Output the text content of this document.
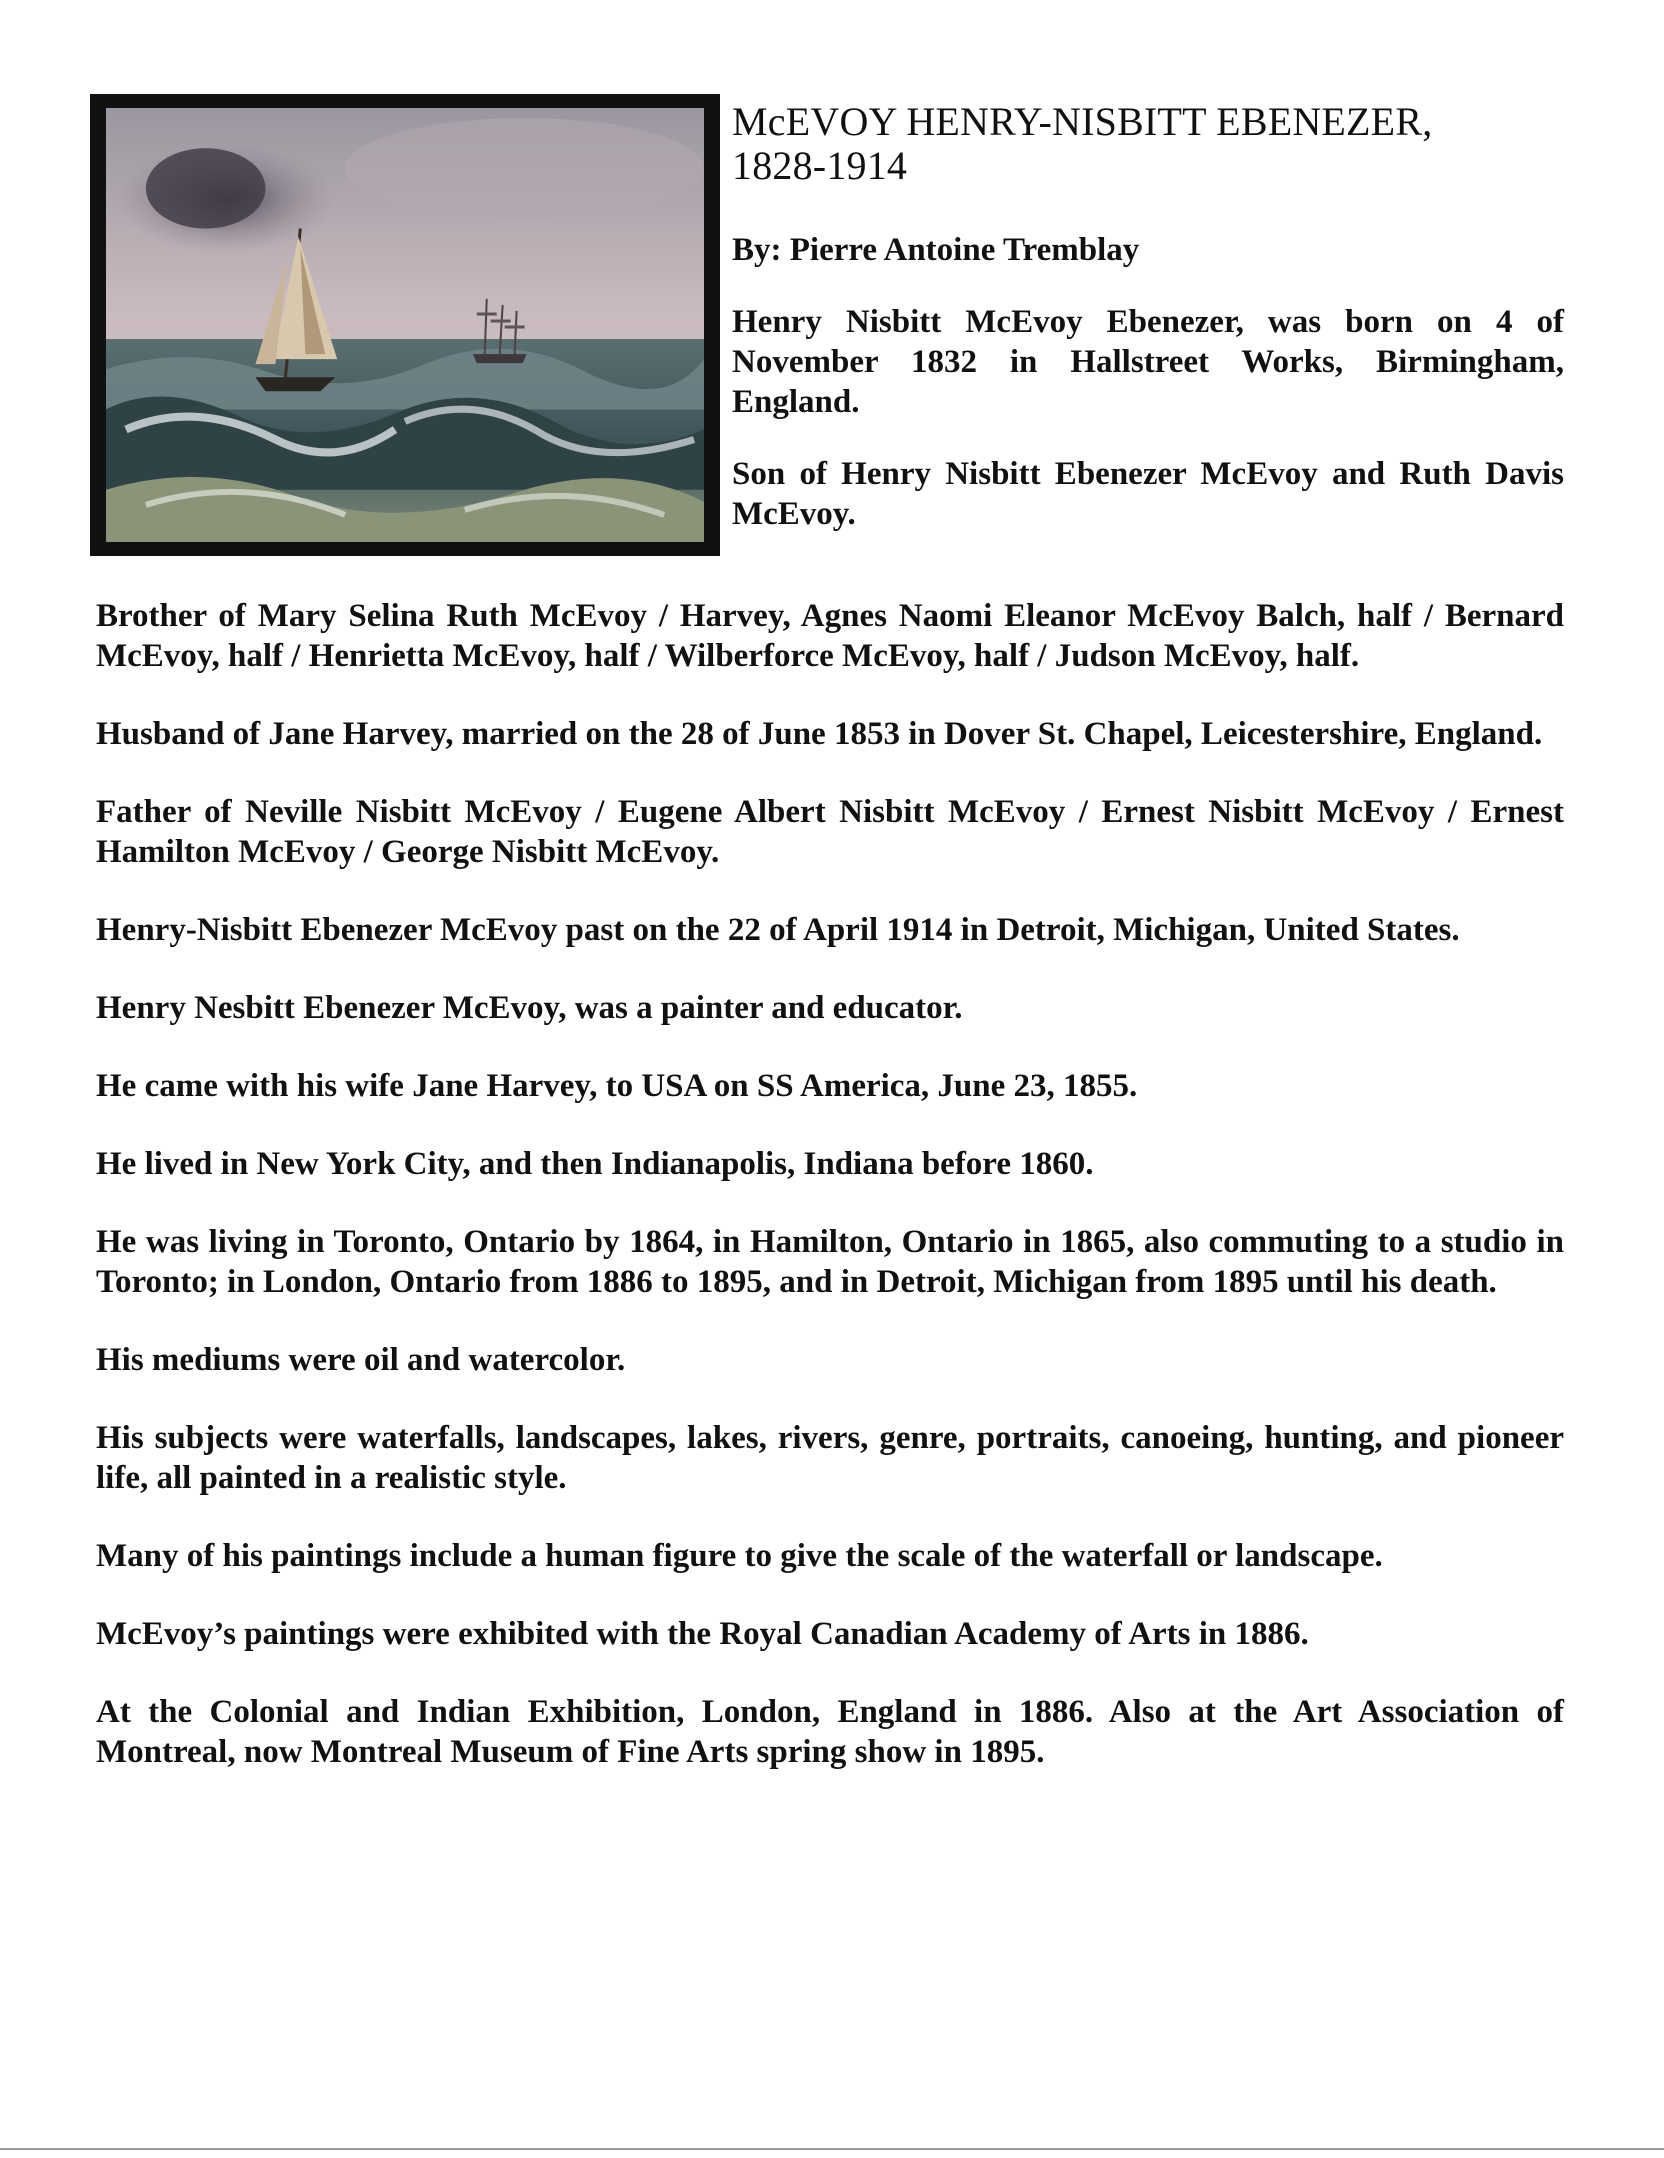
McEVOY HENRY-NISBITT EBENEZER,
1828-1914

By: Pierre Antoine Tremblay

Henry Nisbitt McEvoy Ebenezer, was born on 4 of November 1832 in Hallstreet Works, Birmingham, England.

Son of Henry Nisbitt Ebenezer McEvoy and Ruth Davis McEvoy.

Brother of Mary Selina Ruth McEvoy / Harvey, Agnes Naomi Eleanor McEvoy Balch, half / Bernard McEvoy, half / Henrietta McEvoy, half / Wilberforce McEvoy, half / Judson McEvoy, half.

Husband of Jane Harvey, married on the 28 of June 1853 in Dover St. Chapel, Leicestershire, England.

Father of Neville Nisbitt McEvoy / Eugene Albert Nisbitt McEvoy / Ernest Nisbitt McEvoy / Ernest Hamilton McEvoy / George Nisbitt McEvoy.

Henry-Nisbitt Ebenezer McEvoy past on the 22 of April 1914 in Detroit, Michigan, United States.

Henry Nesbitt Ebenezer McEvoy, was a painter and educator.

He came with his wife Jane Harvey, to USA on SS America, June 23, 1855.

He lived in New York City, and then Indianapolis, Indiana before 1860.

He was living in Toronto, Ontario by 1864, in Hamilton, Ontario in 1865, also commuting to a studio in Toronto; in London, Ontario from 1886 to 1895, and in Detroit, Michigan from 1895 until his death.

His mediums were oil and watercolor.

His subjects were waterfalls, landscapes, lakes, rivers, genre, portraits, canoeing, hunting, and pioneer life, all painted in a realistic style.

Many of his paintings include a human figure to give the scale of the waterfall or landscape.

McEvoy’s paintings were exhibited with the Royal Canadian Academy of Arts in 1886.

At the Colonial and Indian Exhibition, London, England in 1886. Also at the Art Association of Montreal, now Montreal Museum of Fine Arts spring show in 1895.
